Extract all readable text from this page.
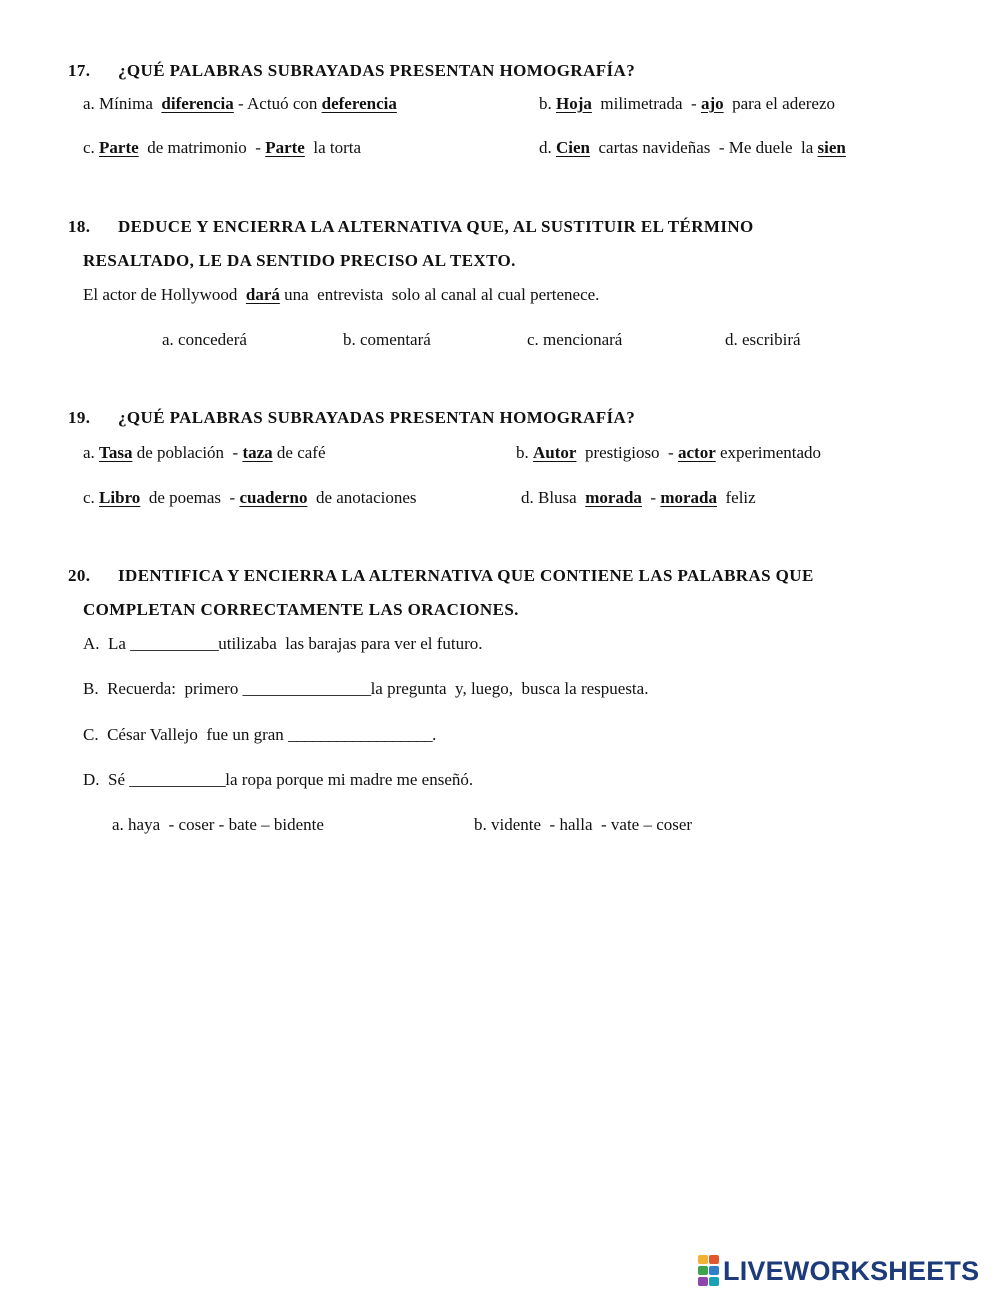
17. ¿QUÉ PALABRAS SUBRAYADAS PRESENTAN HOMOGRAFÍA?
a. Mínima diferencia - Actuó con deferencia	b. Hoja milimetrada  - ajo para el aderezo
c. Parte de matrimonio  - Parte la torta	d. Cien cartas navideñas  - Me duele  la sien
18. DEDUCE Y ENCIERRA LA ALTERNATIVA QUE, AL SUSTITUIR EL TÉRMINO
RESALTADO, LE DA SENTIDO PRECISO AL TEXTO.
El actor de Hollywood dará una  entrevista  solo al canal al cual pertenece.
a. concederá	b. comentará	c. mencionará	d. escribirá
19. ¿QUÉ PALABRAS SUBRAYADAS PRESENTAN HOMOGRAFÍA?
a. Tasa de población  - taza de café	b. Autor prestigioso  - actor experimentado
c. Libro de poemas  - cuaderno de anotaciones	d. Blusa morada - morada feliz
20. IDENTIFICA Y ENCIERRA LA ALTERNATIVA QUE CONTIENE LAS PALABRAS QUE
COMPLETAN CORRECTAMENTE LAS ORACIONES.
A. La ___________utilizaba  las barajas para ver el futuro.
B. Recuerda:  primero ________________la pregunta  y, luego,  busca la respuesta.
C. César Vallejo  fue un gran __________________.
D. Sé ____________la ropa porque mi madre me enseñó.
a. haya  - coser - bate – bidente	b. vidente  - halla  - vate – coser
LIVEWORKSHEETS
